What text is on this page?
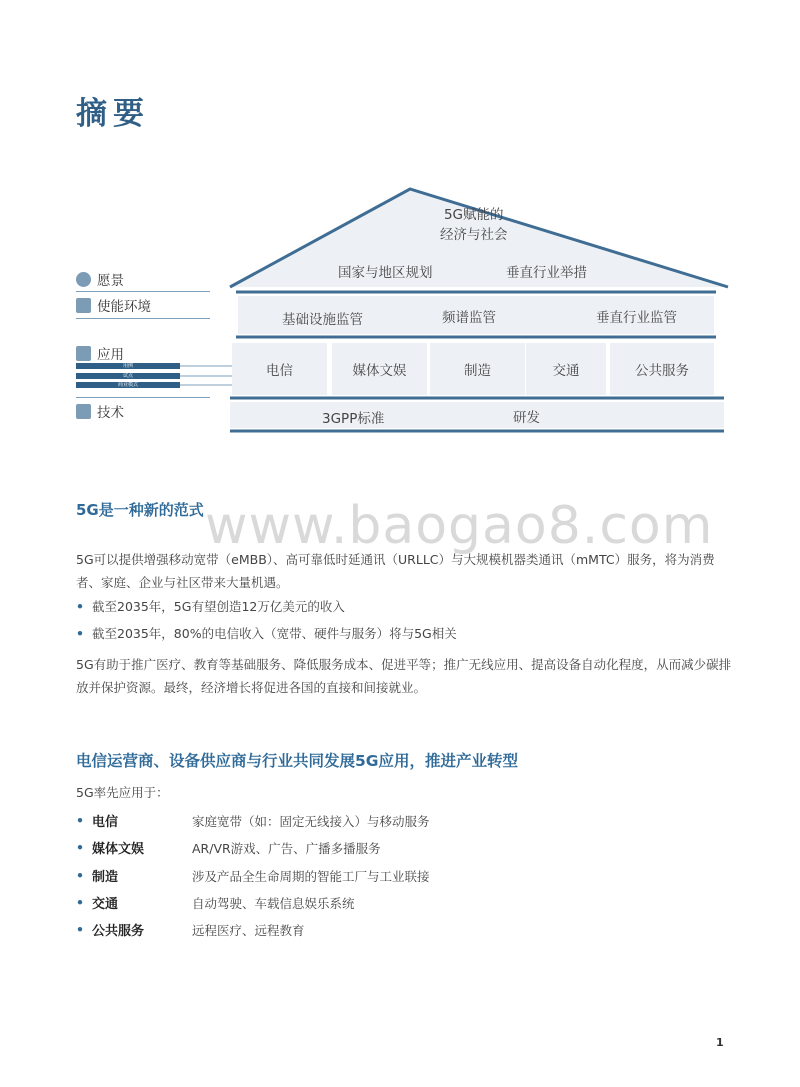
摘要
5G赋能的
经济与社会
国家与地区规划	垂直行业举措
基础设施监管	频谱监管	垂直行业监管
电信	媒体文娱	制造	交通	公共服务
3GPP标准	研发
愿景
使能环境
应用
用例
试点
商业模式
技术
www.baogao8.com
5G是一种新的范式
5G可以提供增强移动宽带（eMBB）、高可靠低时延通讯（URLLC）与大规模机器类通讯（mMTC）服务，将为消费者、家庭、企业与社区带来大量机遇。
• 截至2035年，5G有望创造12万亿美元的收入
• 截至2035年，80%的电信收入（宽带、硬件与服务）将与5G相关
5G有助于推广医疗、教育等基础服务、降低服务成本、促进平等；推广无线应用、提高设备自动化程度，从而减少碳排放并保护资源。最终，经济增长将促进各国的直接和间接就业。
电信运营商、设备供应商与行业共同发展5G应用，推进产业转型
5G率先应用于：
• 电信	家庭宽带（如：固定无线接入）与移动服务
• 媒体文娱	AR/VR游戏、广告、广播多播服务
• 制造	涉及产品全生命周期的智能工厂与工业联接
• 交通	自动驾驶、车载信息娱乐系统
• 公共服务	远程医疗、远程教育
1
